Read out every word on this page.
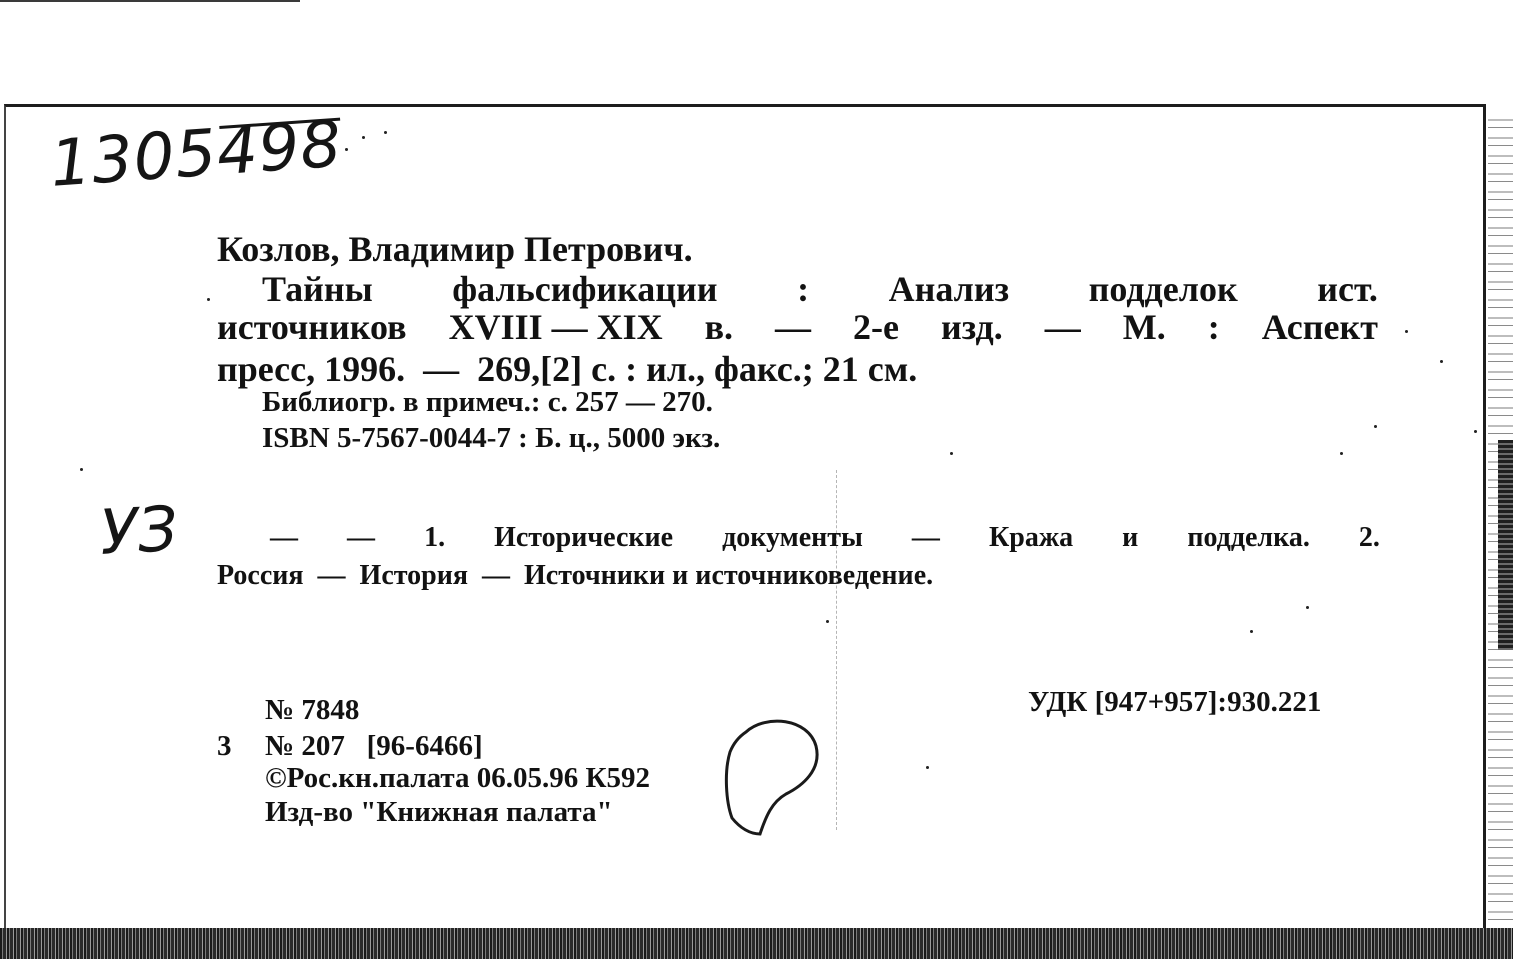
1305498
УЗ
Козлов, Владимир Петрович.
Тайны фальсификации : Анализ подделок ист.
источников XVIII — XIX в. — 2-е изд. — М. : Аспект
пресс, 1996.  —  269,[2] с. : ил., факс.; 21 см.
Библиогр. в примеч.: с. 257 — 270.
ISBN 5-7567-0044-7 : Б. ц., 5000 экз.
— — 1. Исторические документы — Кража и подделка. 2.
Россия  —  История  —  Источники и источниковедение.
УДК [947+957]:930.221
№ 7848
3 № 207   [96-6466]
©Рос.кн.палата 06.05.96 К592
Изд-во "Книжная палата"
